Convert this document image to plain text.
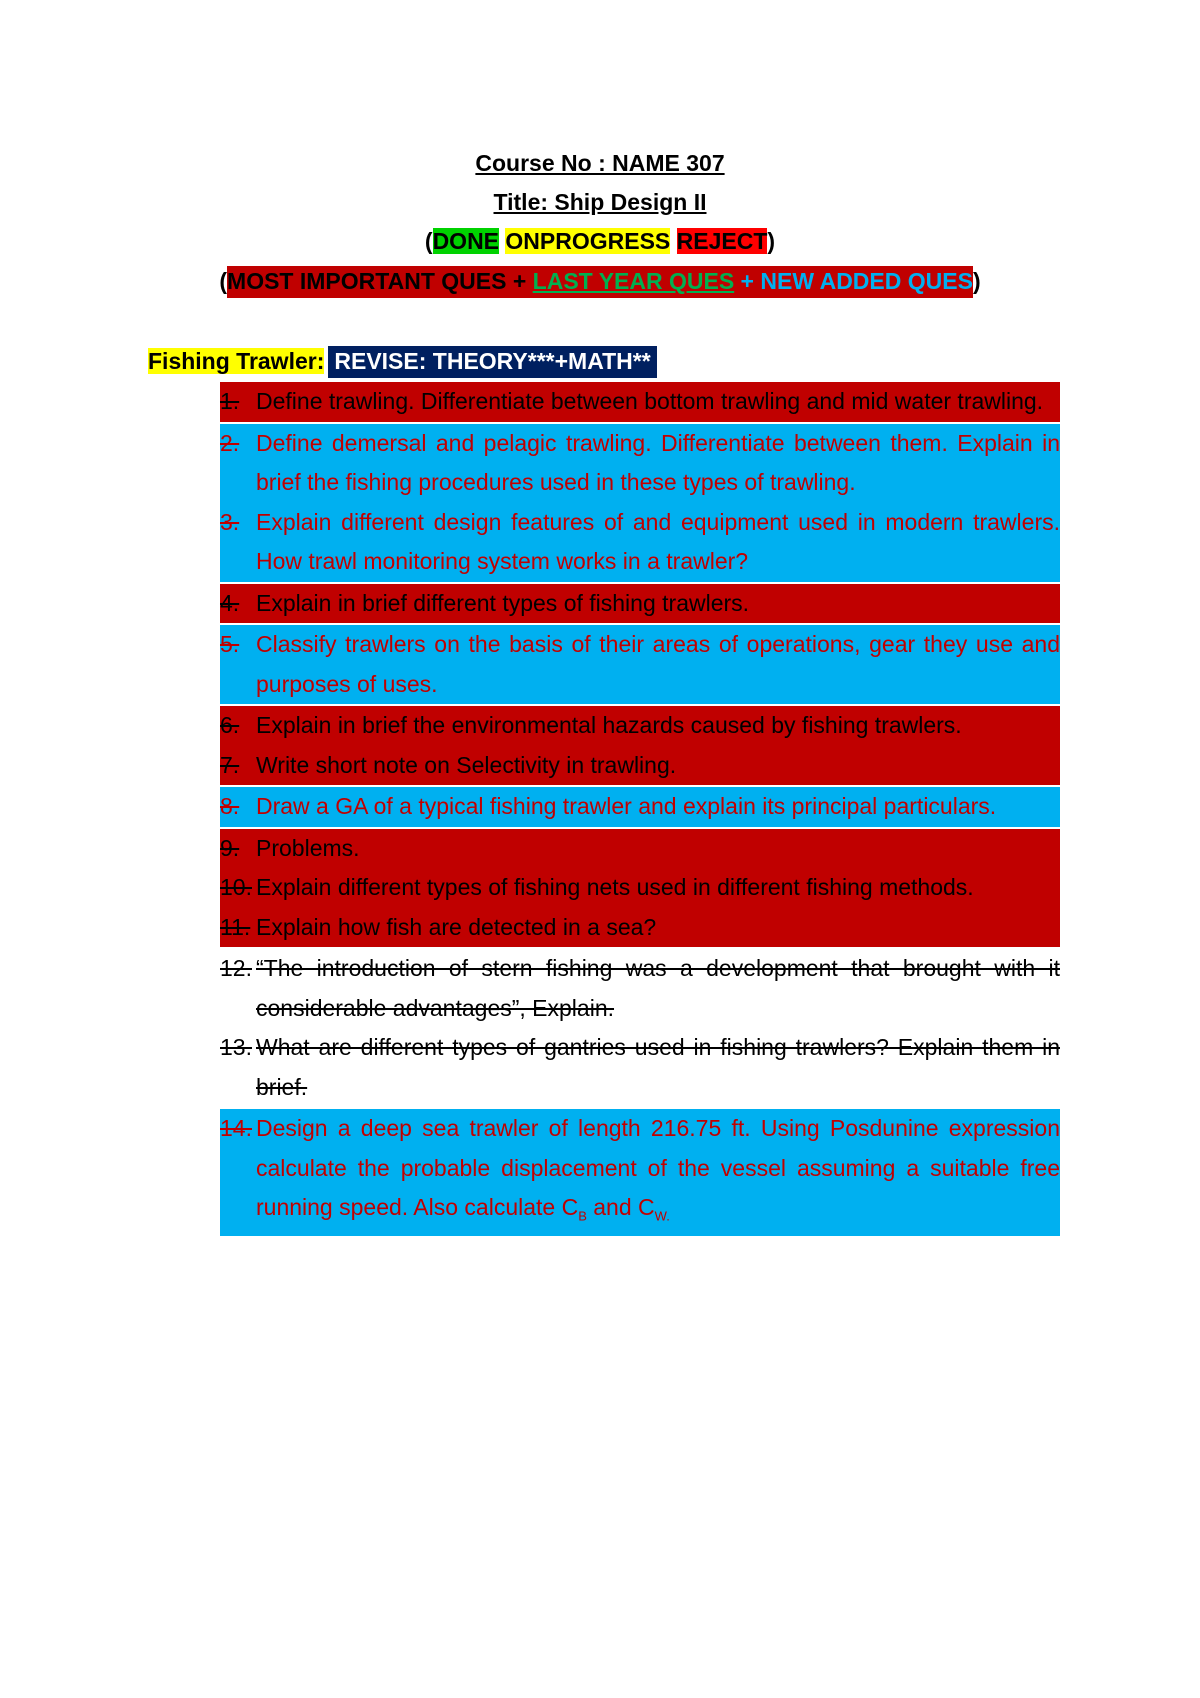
Course No : NAME 307
Title: Ship Design II
(DONE ONPROGRESS REJECT)
(MOST IMPORTANT QUES + LAST YEAR QUES + NEW ADDED QUES)
Fishing Trawler: REVISE: THEORY***+MATH**
1. Define trawling. Differentiate between bottom trawling and mid water trawling.
2. Define demersal and pelagic trawling. Differentiate between them. Explain in brief the fishing procedures used in these types of trawling.
3. Explain different design features of and equipment used in modern trawlers. How trawl monitoring system works in a trawler?
4. Explain in brief different types of fishing trawlers.
5. Classify trawlers on the basis of their areas of operations, gear they use and purposes of uses.
6. Explain in brief the environmental hazards caused by fishing trawlers.
7. Write short note on Selectivity in trawling.
8. Draw a GA of a typical fishing trawler and explain its principal particulars.
9. Problems.
10. Explain different types of fishing nets used in different fishing methods.
11. Explain how fish are detected in a sea?
12. “The introduction of stern fishing was a development that brought with it considerable advantages”, Explain.
13. What are different types of gantries used in fishing trawlers? Explain them in brief.
14. Design a deep sea trawler of length 216.75 ft. Using Posdunine expression calculate the probable displacement of the vessel assuming a suitable free running speed. Also calculate $C_B$ and $C_{W.}$
